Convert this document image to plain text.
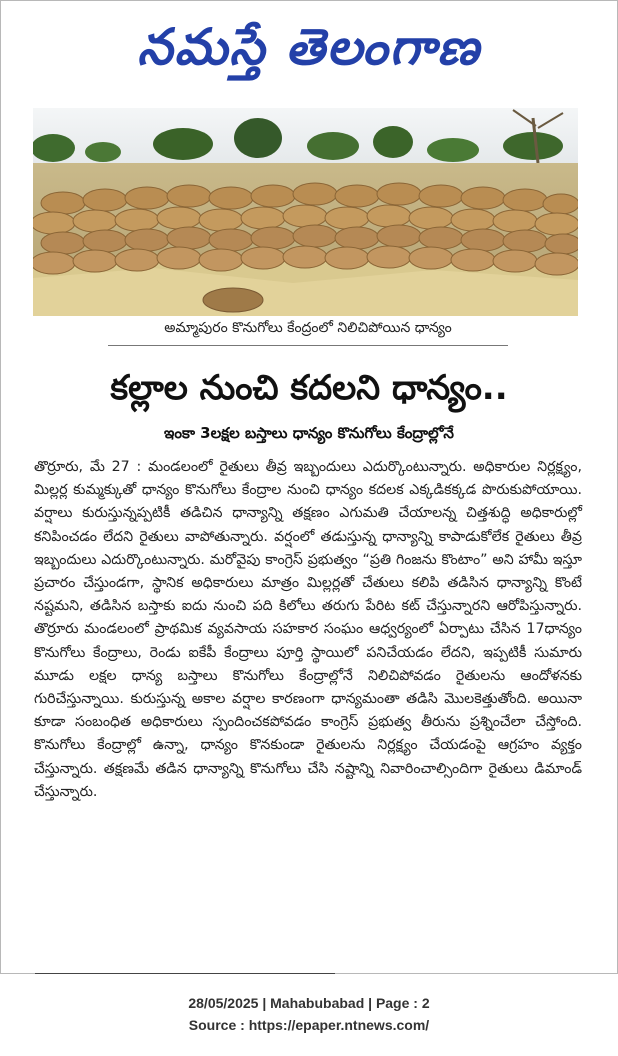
నమస్తే తెలంగాణ
అమ్మాపురం కొనుగోలు కేంద్రంలో నిలిచిపోయిన ధాన్యం
కల్లాల నుంచి కదలని ధాన్యం..
ఇంకా 3లక్షల బస్తాలు ధాన్యం కొనుగోలు కేంద్రాల్లోనే
తొర్రూరు, మే 27 : మండలంలో రైతులు తీవ్ర ఇబ్బందులు ఎదుర్కొంటున్నారు. అధికారుల నిర్లక్ష్యం, మిల్లర్ల కుమ్మక్కుతో ధాన్యం కొనుగోలు కేంద్రాల నుంచి ధాన్యం కదలక ఎక్కడికక్కడ పొరుకుపోయాయి. వర్షాలు కురుస్తున్నప్పటికీ తడిచిన ధాన్యాన్ని తక్షణం ఎగుమతి చేయాలన్న చిత్తశుద్ధి అధికారుల్లో కనిపించడం లేదని రైతులు వాపోతున్నారు. వర్షంలో తడుస్తున్న ధాన్యాన్ని కాపాడుకోలేక రైతులు తీవ్ర ఇబ్బందులు ఎదుర్కొంటున్నారు. మరోవైపు కాంగ్రెస్ ప్రభుత్వం “ప్రతి గింజను కొంటాం” అని హామీ ఇస్తూ ప్రచారం చేస్తుండగా, స్థానిక అధికారులు మాత్రం మిల్లర్లతో చేతులు కలిపి తడిసిన ధాన్యాన్ని కొంటే నష్టమని, తడిసిన బస్తాకు ఐదు నుంచి పది కిలోలు తరుగు పేరిట కట్ చేస్తున్నారని ఆరోపిస్తున్నారు. తొర్రూరు మండలంలో ప్రాథమిక వ్యవసాయ సహకార సంఘం ఆధ్వర్యంలో ఏర్పాటు చేసిన 17ధాన్యం కొనుగోలు కేంద్రాలు, రెండు ఐకేపీ కేంద్రాలు పూర్తి స్థాయిలో పనిచేయడం లేదని, ఇప్పటికీ సుమారు మూడు లక్షల ధాన్య బస్తాలు కొనుగోలు కేంద్రాల్లోనే నిలిచిపోవడం రైతులను ఆందోళనకు గురిచేస్తున్నాయి. కురుస్తున్న అకాల వర్షాల కారణంగా ధాన్యమంతా తడిసి మొలకెత్తుతోంది. అయినా కూడా సంబంధిత అధికారులు స్పందించకపోవడం కాంగ్రెస్ ప్రభుత్వ తీరును ప్రశ్నించేలా చేస్తోంది. కొనుగోలు కేంద్రాల్లో ఉన్నా, ధాన్యం కొనకుండా రైతులను నిర్లక్ష్యం చేయడంపై ఆగ్రహం వ్యక్తం చేస్తున్నారు. తక్షణమే తడిన ధాన్యాన్ని కొనుగోలు చేసి నష్టాన్ని నివారించాల్సిందిగా రైతులు డిమాండ్ చేస్తున్నారు.
28/05/2025 | Mahabubabad | Page : 2
Source : https://epaper.ntnews.com/
